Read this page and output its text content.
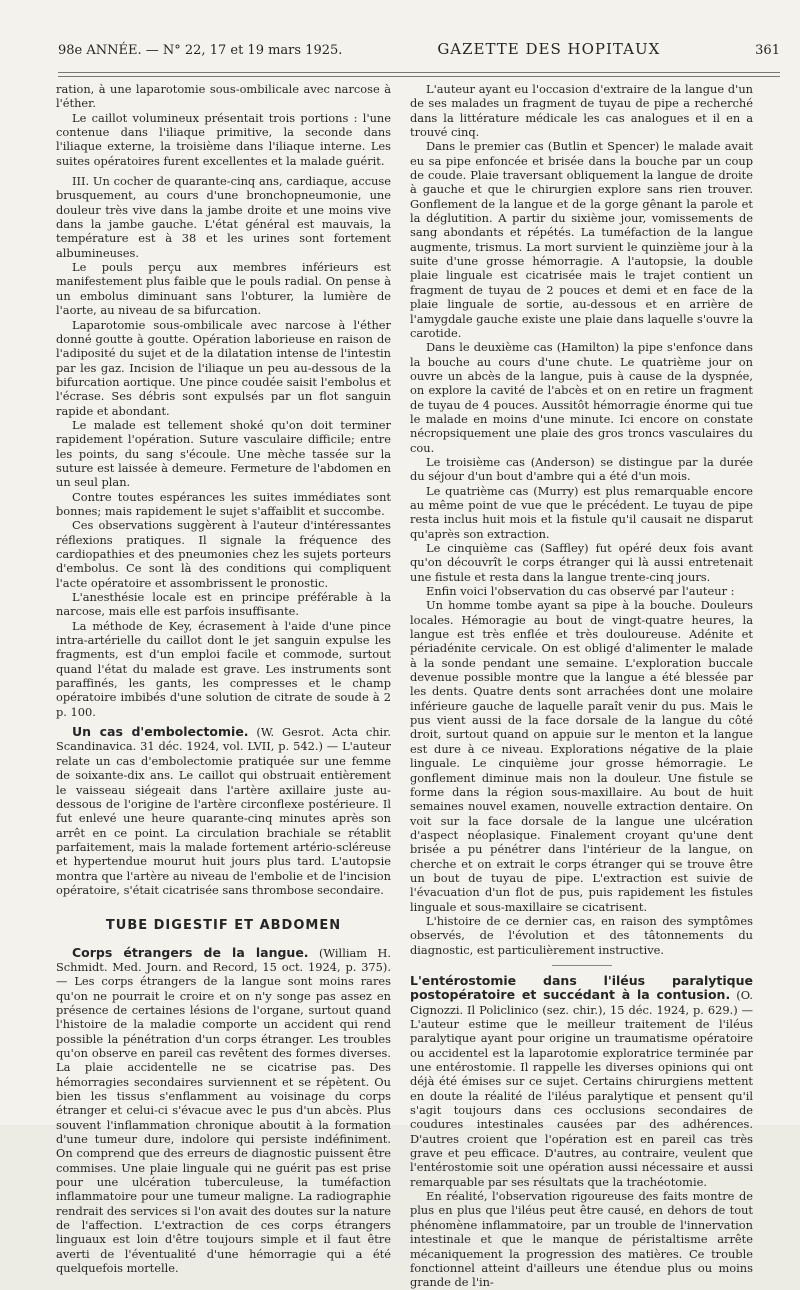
98e ANNÉE. — N° 22, 17 et 19 mars 1925.	GAZETTE DES HOPITAUX	361

ration, à une laparotomie sous-ombilicale avec narcose à l'éther.

Le caillot volumineux présentait trois portions : l'une contenue dans l'iliaque primitive, la seconde dans l'iliaque externe, la troisième dans l'iliaque interne. Les suites opératoires furent excellentes et la malade guérit.

III. Un cocher de quarante-cinq ans, cardiaque, accuse brusquement, au cours d'une bronchopneumonie, une douleur très vive dans la jambe droite et une moins vive dans la jambe gauche. L'état général est mauvais, la température est à 38 et les urines sont fortement albumineuses.

Le pouls perçu aux membres inférieurs est manifestement plus faible que le pouls radial. On pense à un embolus diminuant sans l'obturer, la lumière de l'aorte, au niveau de sa bifurcation.

Laparotomie sous-ombilicale avec narcose à l'éther donné goutte à goutte. Opération laborieuse en raison de l'adiposité du sujet et de la dilatation intense de l'intestin par les gaz. Incision de l'iliaque un peu au-dessous de la bifurcation aortique. Une pince coudée saisit l'embolus et l'écrase. Ses débris sont expulsés par un flot sanguin rapide et abondant.

Le malade est tellement shoké qu'on doit terminer rapidement l'opération. Suture vasculaire difficile; entre les points, du sang s'écoule. Une mèche tassée sur la suture est laissée à demeure. Fermeture de l'abdomen en un seul plan.

Contre toutes espérances les suites immédiates sont bonnes; mais rapidement le sujet s'affaiblit et succombe.

Ces observations suggèrent à l'auteur d'intéressantes réflexions pratiques. Il signale la fréquence des cardiopathies et des pneumonies chez les sujets porteurs d'embolus. Ce sont là des conditions qui compliquent l'acte opératoire et assombrissent le pronostic.

L'anesthésie locale est en principe préférable à la narcose, mais elle est parfois insuffisante.

La méthode de Key, écrasement à l'aide d'une pince intra-artérielle du caillot dont le jet sanguin expulse les fragments, est d'un emploi facile et commode, surtout quand l'état du malade est grave. Les instruments sont paraffinés, les gants, les compresses et le champ opératoire imbibés d'une solution de citrate de soude à 2 p. 100.

Un cas d'embolectomie. (W. Gesrot. Acta chir. Scandinavica. 31 déc. 1924, vol. LVII, p. 542.) — L'auteur relate un cas d'embolectomie pratiquée sur une femme de soixante-dix ans. Le caillot qui obstruait entièrement le vaisseau siégeait dans l'artère axillaire juste au-dessous de l'origine de l'artère circonflexe postérieure. Il fut enlevé une heure quarante-cinq minutes après son arrêt en ce point. La circulation brachiale se rétablit parfaitement, mais la malade fortement artério-scléreuse et hypertendue mourut huit jours plus tard. L'autopsie montra que l'artère au niveau de l'embolie et de l'incision opératoire, s'était cicatrisée sans thrombose secondaire.

TUBE DIGESTIF ET ABDOMEN

Corps étrangers de la langue. (William H. Schmidt. Med. Journ. and Record, 15 oct. 1924, p. 375). — Les corps étrangers de la langue sont moins rares qu'on ne pourrait le croire et on n'y songe pas assez en présence de certaines lésions de l'organe, surtout quand l'histoire de la maladie comporte un accident qui rend possible la pénétration d'un corps étranger. Les troubles qu'on observe en pareil cas revêtent des formes diverses. La plaie accidentelle ne se cicatrise pas. Des hémorragies secondaires surviennent et se répètent. Ou bien les tissus s'enflamment au voisinage du corps étranger et celui-ci s'évacue avec le pus d'un abcès. Plus souvent l'inflammation chronique aboutit à la formation d'une tumeur dure, indolore qui persiste indéfiniment. On comprend que des erreurs de diagnostic puissent être commises. Une plaie linguale qui ne guérit pas est prise pour une ulcération tuberculeuse, la tuméfaction inflammatoire pour une tumeur maligne. La radiographie rendrait des services si l'on avait des doutes sur la nature de l'affection. L'extraction de ces corps étrangers linguaux est loin d'être toujours simple et il faut être averti de l'éventualité d'une hémorragie qui a été quelquefois mortelle.

L'auteur ayant eu l'occasion d'extraire de la langue d'un de ses malades un fragment de tuyau de pipe a recherché dans la littérature médicale les cas analogues et il en a trouvé cinq.

Dans le premier cas (Butlin et Spencer) le malade avait eu sa pipe enfoncée et brisée dans la bouche par un coup de coude. Plaie traversant obliquement la langue de droite à gauche et que le chirurgien explore sans rien trouver. Gonflement de la langue et de la gorge gênant la parole et la déglutition. A partir du sixième jour, vomissements de sang abondants et répétés. La tuméfaction de la langue augmente, trismus. La mort survient le quinzième jour à la suite d'une grosse hémorragie. A l'autopsie, la double plaie linguale est cicatrisée mais le trajet contient un fragment de tuyau de 2 pouces et demi et en face de la plaie linguale de sortie, au-dessous et en arrière de l'amygdale gauche existe une plaie dans laquelle s'ouvre la carotide.

Dans le deuxième cas (Hamilton) la pipe s'enfonce dans la bouche au cours d'une chute. Le quatrième jour on ouvre un abcès de la langue, puis à cause de la dyspnée, on explore la cavité de l'abcès et on en retire un fragment de tuyau de 4 pouces. Aussitôt hémorragie énorme qui tue le malade en moins d'une minute. Ici encore on constate nécropsiquement une plaie des gros troncs vasculaires du cou.

Le troisième cas (Anderson) se distingue par la durée du séjour d'un bout d'ambre qui a été d'un mois.

Le quatrième cas (Murry) est plus remarquable encore au même point de vue que le précédent. Le tuyau de pipe resta inclus huit mois et la fistule qu'il causait ne disparut qu'après son extraction.

Le cinquième cas (Saffley) fut opéré deux fois avant qu'on découvrît le corps étranger qui là aussi entretenait une fistule et resta dans la langue trente-cinq jours.

Enfin voici l'observation du cas observé par l'auteur :

Un homme tombe ayant sa pipe à la bouche. Douleurs locales. Hémoragie au bout de vingt-quatre heures, la langue est très enflée et très douloureuse. Adénite et périadénite cervicale. On est obligé d'alimenter le malade à la sonde pendant une semaine. L'exploration buccale devenue possible montre que la langue a été blessée par les dents. Quatre dents sont arrachées dont une molaire inférieure gauche de laquelle paraît venir du pus. Mais le pus vient aussi de la face dorsale de la langue du côté droit, surtout quand on appuie sur le menton et la langue est dure à ce niveau. Explorations négative de la plaie linguale. Le cinquième jour grosse hémorragie. Le gonflement diminue mais non la douleur. Une fistule se forme dans la région sous-maxillaire. Au bout de huit semaines nouvel examen, nouvelle extraction dentaire. On voit sur la face dorsale de la langue une ulcération d'aspect néoplasique. Finalement croyant qu'une dent brisée a pu pénétrer dans l'intérieur de la langue, on cherche et on extrait le corps étranger qui se trouve être un bout de tuyau de pipe. L'extraction est suivie de l'évacuation d'un flot de pus, puis rapidement les fistules linguale et sous-maxillaire se cicatrisent.

L'histoire de ce dernier cas, en raison des symptômes observés, de l'évolution et des tâtonnements du diagnostic, est particulièrement instructive.

L'entérostomie dans l'iléus paralytique postopératoire et succédant à la contusion. (O. Cignozzi. Il Policlinico (sez. chir.), 15 déc. 1924, p. 629.) — L'auteur estime que le meilleur traitement de l'iléus paralytique ayant pour origine un traumatisme opératoire ou accidentel est la laparotomie exploratrice terminée par une entérostomie. Il rappelle les diverses opinions qui ont déjà été émises sur ce sujet. Certains chirurgiens mettent en doute la réalité de l'iléus paralytique et pensent qu'il s'agit toujours dans ces occlusions secondaires de coudures intestinales causées par des adhérences. D'autres croient que l'opération est en pareil cas très grave et peu efficace. D'autres, au contraire, veulent que l'entérostomie soit une opération aussi nécessaire et aussi remarquable par ses résultats que la trachéotomie.

En réalité, l'observation rigoureuse des faits montre de plus en plus que l'iléus peut être causé, en dehors de tout phénomène inflammatoire, par un trouble de l'innervation intestinale et que le manque de péristaltisme arrête mécaniquement la progression des matières. Ce trouble fonctionnel atteint d'ailleurs une étendue plus ou moins grande de l'in-
